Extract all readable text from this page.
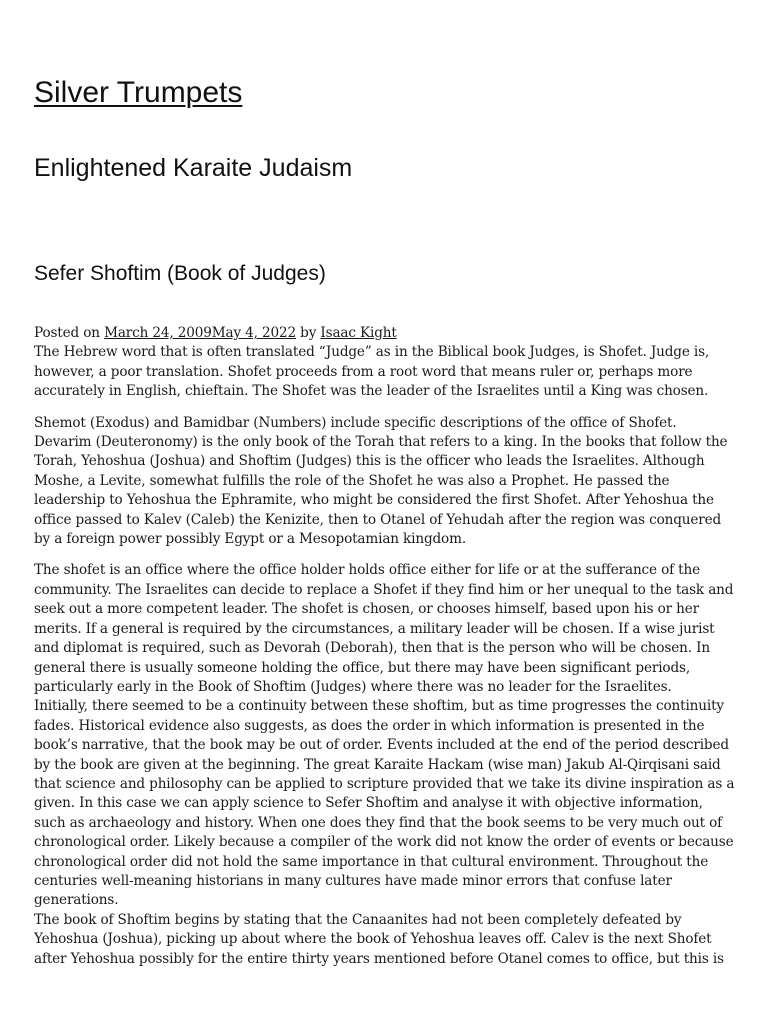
Silver Trumpets

Enlightened Karaite Judaism

Sefer Shoftim (Book of Judges)
Posted on March 24, 2009May 4, 2022 by Isaac Kight

The Hebrew word that is often translated “Judge” as in the Biblical book Judges, is Shofet. Judge is, however, a poor translation. Shofet proceeds from a root word that means ruler or, perhaps more accurately in English, chieftain. The Shofet was the leader of the Israelites until a King was chosen.

Shemot (Exodus) and Bamidbar (Numbers) include specific descriptions of the office of Shofet. Devarim (Deuteronomy) is the only book of the Torah that refers to a king. In the books that follow the Torah, Yehoshua (Joshua) and Shoftim (Judges) this is the officer who leads the Israelites. Although Moshe, a Levite, somewhat fulfills the role of the Shofet he was also a Prophet. He passed the leadership to Yehoshua the Ephramite, who might be considered the first Shofet. After Yehoshua the office passed to Kalev (Caleb) the Kenizite, then to Otanel of Yehudah after the region was conquered by a foreign power possibly Egypt or a Mesopotamian kingdom.

The shofet is an office where the office holder holds office either for life or at the sufferance of the community. The Israelites can decide to replace a Shofet if they find him or her unequal to the task and seek out a more competent leader. The shofet is chosen, or chooses himself, based upon his or her merits. If a general is required by the circumstances, a military leader will be chosen. If a wise jurist and diplomat is required, such as Devorah (Deborah), then that is the person who will be chosen. In general there is usually someone holding the office, but there may have been significant periods, particularly early in the Book of Shoftim (Judges) where there was no leader for the Israelites.

Initially, there seemed to be a continuity between these shoftim, but as time progresses the continuity fades. Historical evidence also suggests, as does the order in which information is presented in the book’s narrative, that the book may be out of order. Events included at the end of the period described by the book are given at the beginning. The great Karaite Hackam (wise man) Jakub Al-Qirqisani said that science and philosophy can be applied to scripture provided that we take its divine inspiration as a given. In this case we can apply science to Sefer Shoftim and analyse it with objective information, such as archaeology and history. When one does they find that the book seems to be very much out of chronological order. Likely because a compiler of the work did not know the order of events or because chronological order did not hold the same importance in that cultural environment. Throughout the centuries well-meaning historians in many cultures have made minor errors that confuse later generations.

The book of Shoftim begins by stating that the Canaanites had not been completely defeated by Yehoshua (Joshua), picking up about where the book of Yehoshua leaves off. Calev is the next Shofet after Yehoshua possibly for the entire thirty years mentioned before Otanel comes to office, but this is
